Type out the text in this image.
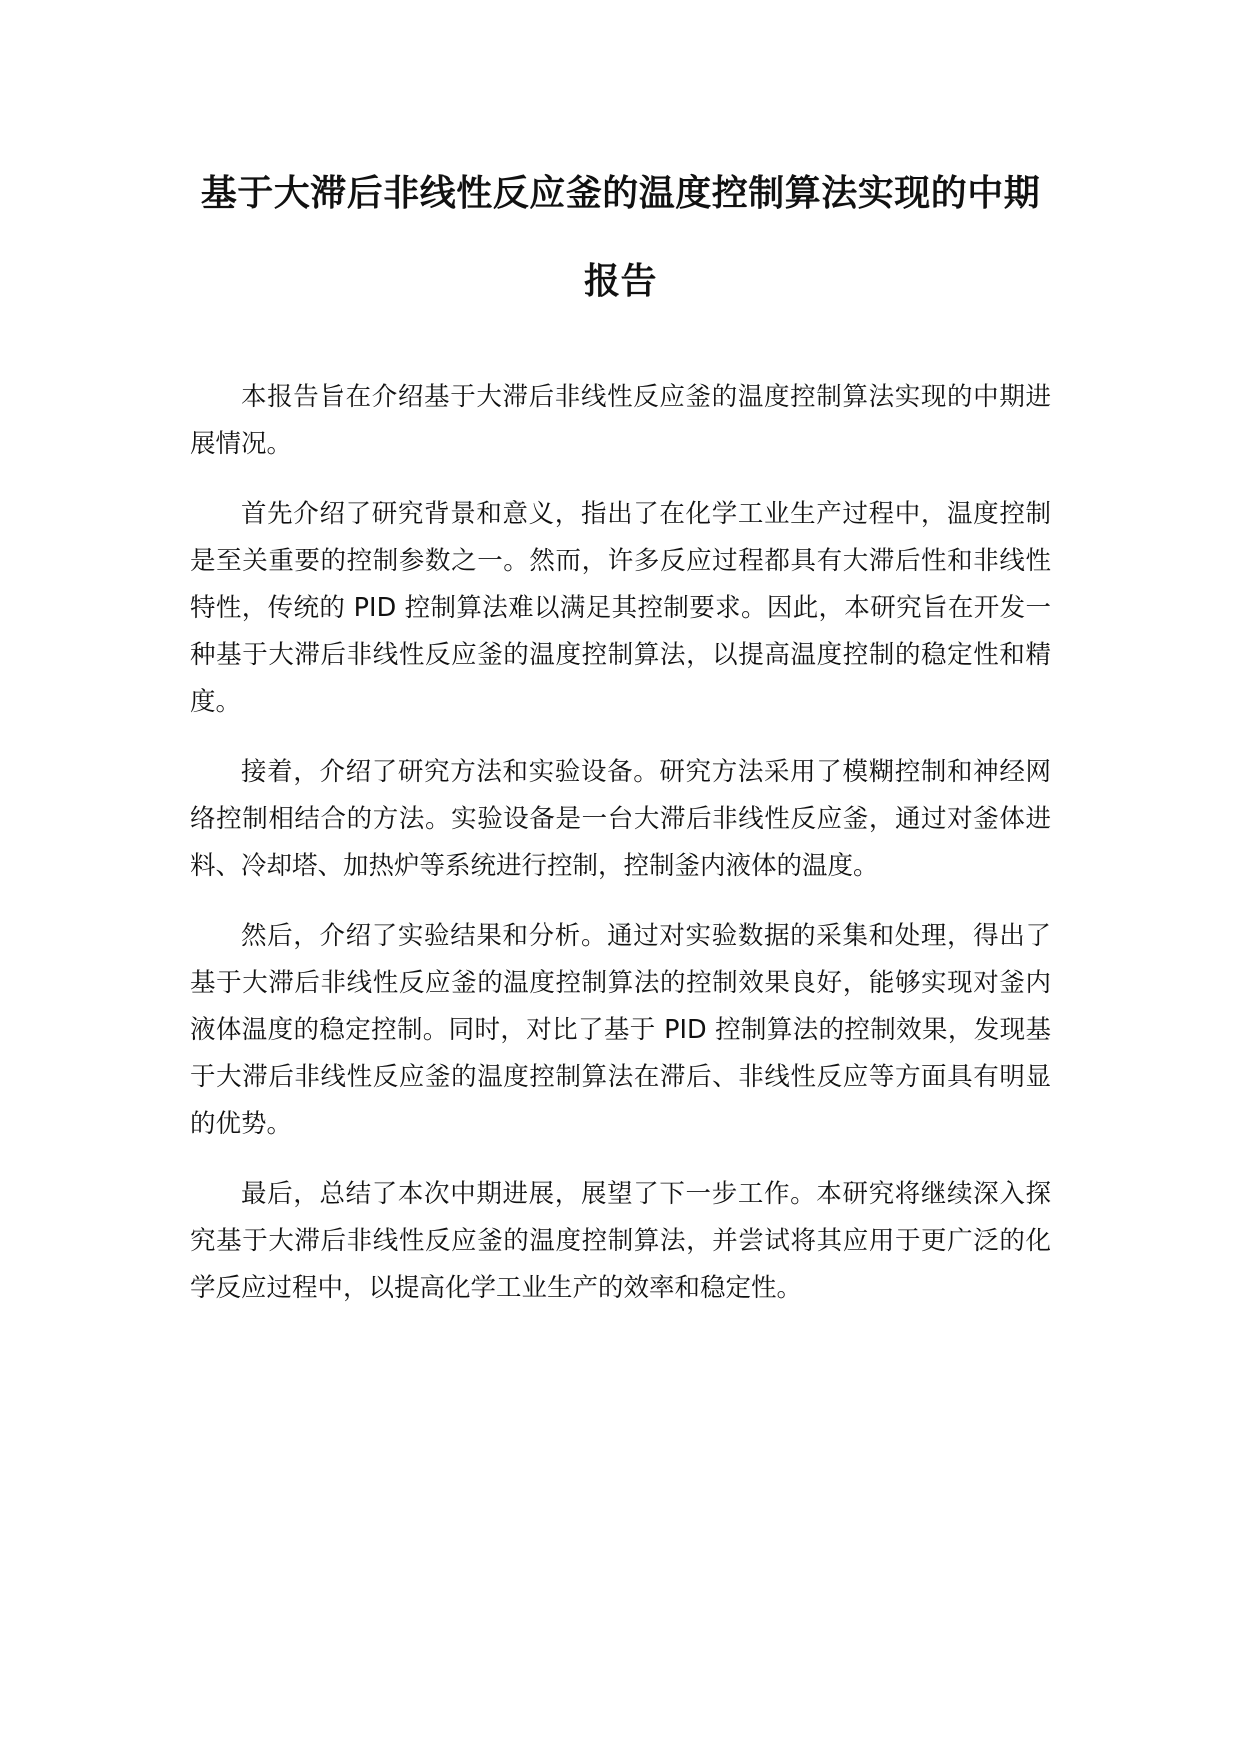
基于大滞后非线性反应釜的温度控制算法实现的中期报告

本报告旨在介绍基于大滞后非线性反应釜的温度控制算法实现的中期进展情况。

首先介绍了研究背景和意义，指出了在化学工业生产过程中，温度控制是至关重要的控制参数之一。然而，许多反应过程都具有大滞后性和非线性特性，传统的 PID 控制算法难以满足其控制要求。因此，本研究旨在开发一种基于大滞后非线性反应釜的温度控制算法，以提高温度控制的稳定性和精度。

接着，介绍了研究方法和实验设备。研究方法采用了模糊控制和神经网络控制相结合的方法。实验设备是一台大滞后非线性反应釜，通过对釜体进料、冷却塔、加热炉等系统进行控制，控制釜内液体的温度。

然后，介绍了实验结果和分析。通过对实验数据的采集和处理，得出了基于大滞后非线性反应釜的温度控制算法的控制效果良好，能够实现对釜内液体温度的稳定控制。同时，对比了基于 PID 控制算法的控制效果，发现基于大滞后非线性反应釜的温度控制算法在滞后、非线性反应等方面具有明显的优势。

最后，总结了本次中期进展，展望了下一步工作。本研究将继续深入探究基于大滞后非线性反应釜的温度控制算法，并尝试将其应用于更广泛的化学反应过程中，以提高化学工业生产的效率和稳定性。
